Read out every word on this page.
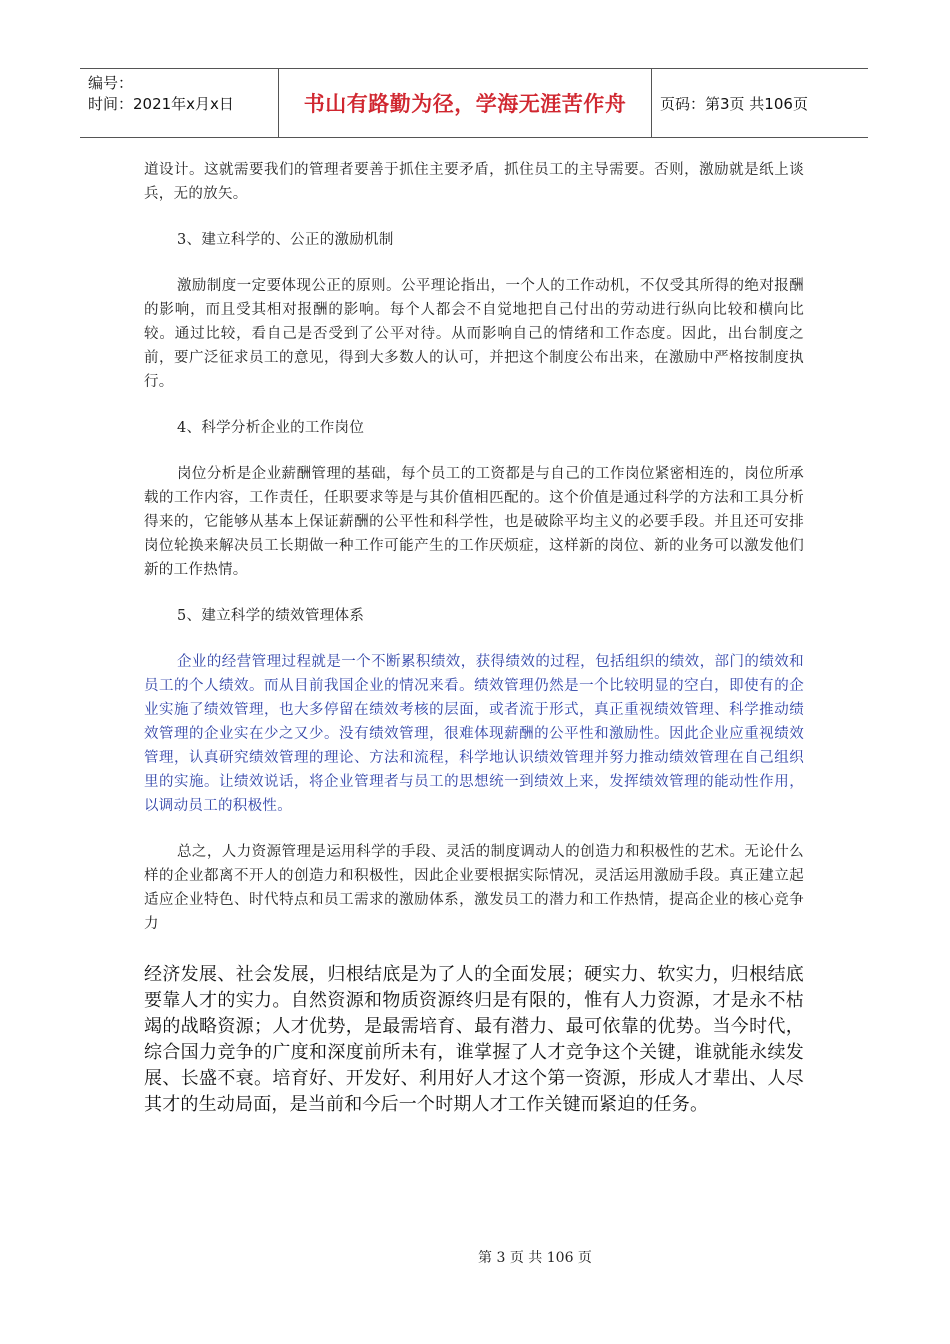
编号：
时间：2021年x月x日	书山有路勤为径，学海无涯苦作舟	页码：第3页 共106页

道设计。这就需要我们的管理者要善于抓住主要矛盾，抓住员工的主导需要。否则，激励就是纸上谈兵，无的放矢。

3、建立科学的、公正的激励机制

激励制度一定要体现公正的原则。公平理论指出，一个人的工作动机，不仅受其所得的绝对报酬的影响，而且受其相对报酬的影响。每个人都会不自觉地把自己付出的劳动进行纵向比较和横向比较。通过比较，看自己是否受到了公平对待。从而影响自己的情绪和工作态度。因此，出台制度之前，要广泛征求员工的意见，得到大多数人的认可，并把这个制度公布出来，在激励中严格按制度执行。

4、科学分析企业的工作岗位

岗位分析是企业薪酬管理的基础，每个员工的工资都是与自己的工作岗位紧密相连的，岗位所承载的工作内容，工作责任，任职要求等是与其价值相匹配的。这个价值是通过科学的方法和工具分析得来的，它能够从基本上保证薪酬的公平性和科学性，也是破除平均主义的必要手段。并且还可安排岗位轮换来解决员工长期做一种工作可能产生的工作厌烦症，这样新的岗位、新的业务可以激发他们新的工作热情。

5、建立科学的绩效管理体系

企业的经营管理过程就是一个不断累积绩效，获得绩效的过程，包括组织的绩效，部门的绩效和员工的个人绩效。而从目前我国企业的情况来看。绩效管理仍然是一个比较明显的空白，即使有的企业实施了绩效管理，也大多停留在绩效考核的层面，或者流于形式，真正重视绩效管理、科学推动绩效管理的企业实在少之又少。没有绩效管理，很难体现薪酬的公平性和激励性。因此企业应重视绩效管理，认真研究绩效管理的理论、方法和流程，科学地认识绩效管理并努力推动绩效管理在自己组织里的实施。让绩效说话，将企业管理者与员工的思想统一到绩效上来，发挥绩效管理的能动性作用，以调动员工的积极性。

总之，人力资源管理是运用科学的手段、灵活的制度调动人的创造力和积极性的艺术。无论什么样的企业都离不开人的创造力和积极性，因此企业要根据实际情况，灵活运用激励手段。真正建立起适应企业特色、时代特点和员工需求的激励体系，激发员工的潜力和工作热情，提高企业的核心竞争力

经济发展、社会发展，归根结底是为了人的全面发展；硬实力、软实力，归根结底要靠人才的实力。自然资源和物质资源终归是有限的，惟有人力资源，才是永不枯竭的战略资源；人才优势，是最需培育、最有潜力、最可依靠的优势。当今时代，综合国力竞争的广度和深度前所未有，谁掌握了人才竞争这个关键，谁就能永续发展、长盛不衰。培育好、开发好、利用好人才这个第一资源，形成人才辈出、人尽其才的生动局面，是当前和今后一个时期人才工作关键而紧迫的任务。

第 3 页 共 106 页
